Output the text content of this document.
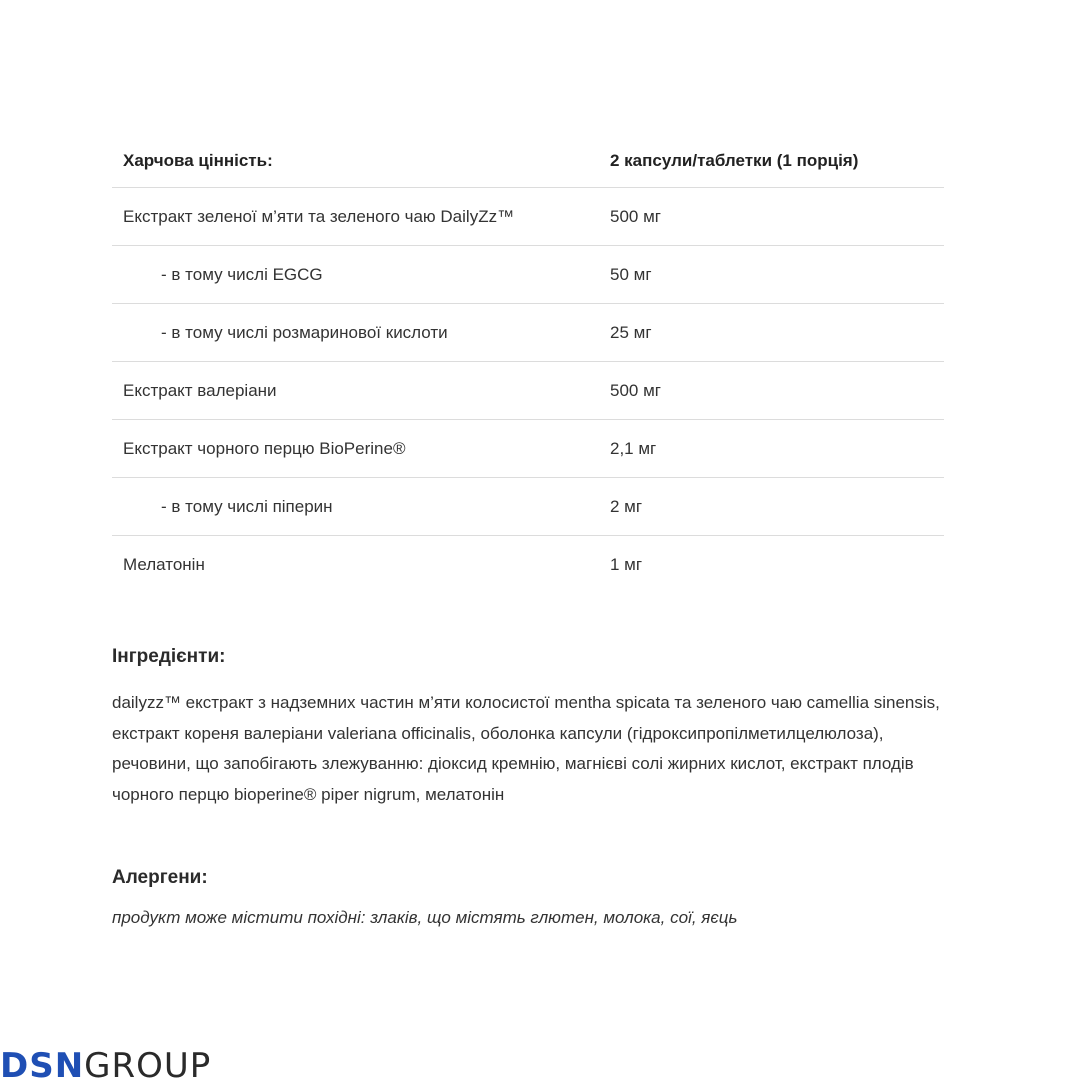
Харчова цінність:	2 капсули/таблетки (1 порція)
Екстракт зеленої м’яти та зеленого чаю DailyZz™	500 мг
- в тому числі EGCG	50 мг
- в тому числі розмаринової кислоти	25 мг
Екстракт валеріани	500 мг
Екстракт чорного перцю BioPerine®	2,1 мг
- в тому числі піперин	2 мг
Мелатонін	1 мг
Інгредієнти:
dailyzz™ екстракт з надземних частин м’яти колосистої mentha spicata та зеленого чаю camellia sinensis, екстракт кореня валеріани valeriana officinalis, оболонка капсули (гідроксипропілметилцелюлоза), речовини, що запобігають злежуванню: діоксид кремнію, магнієві солі жирних кислот, екстракт плодів чорного перцю bioperine® piper nigrum, мелатонін
Алергени:
продукт може містити похідні: злаків, що містять глютен, молока, сої, яєць
DSNGROUP
